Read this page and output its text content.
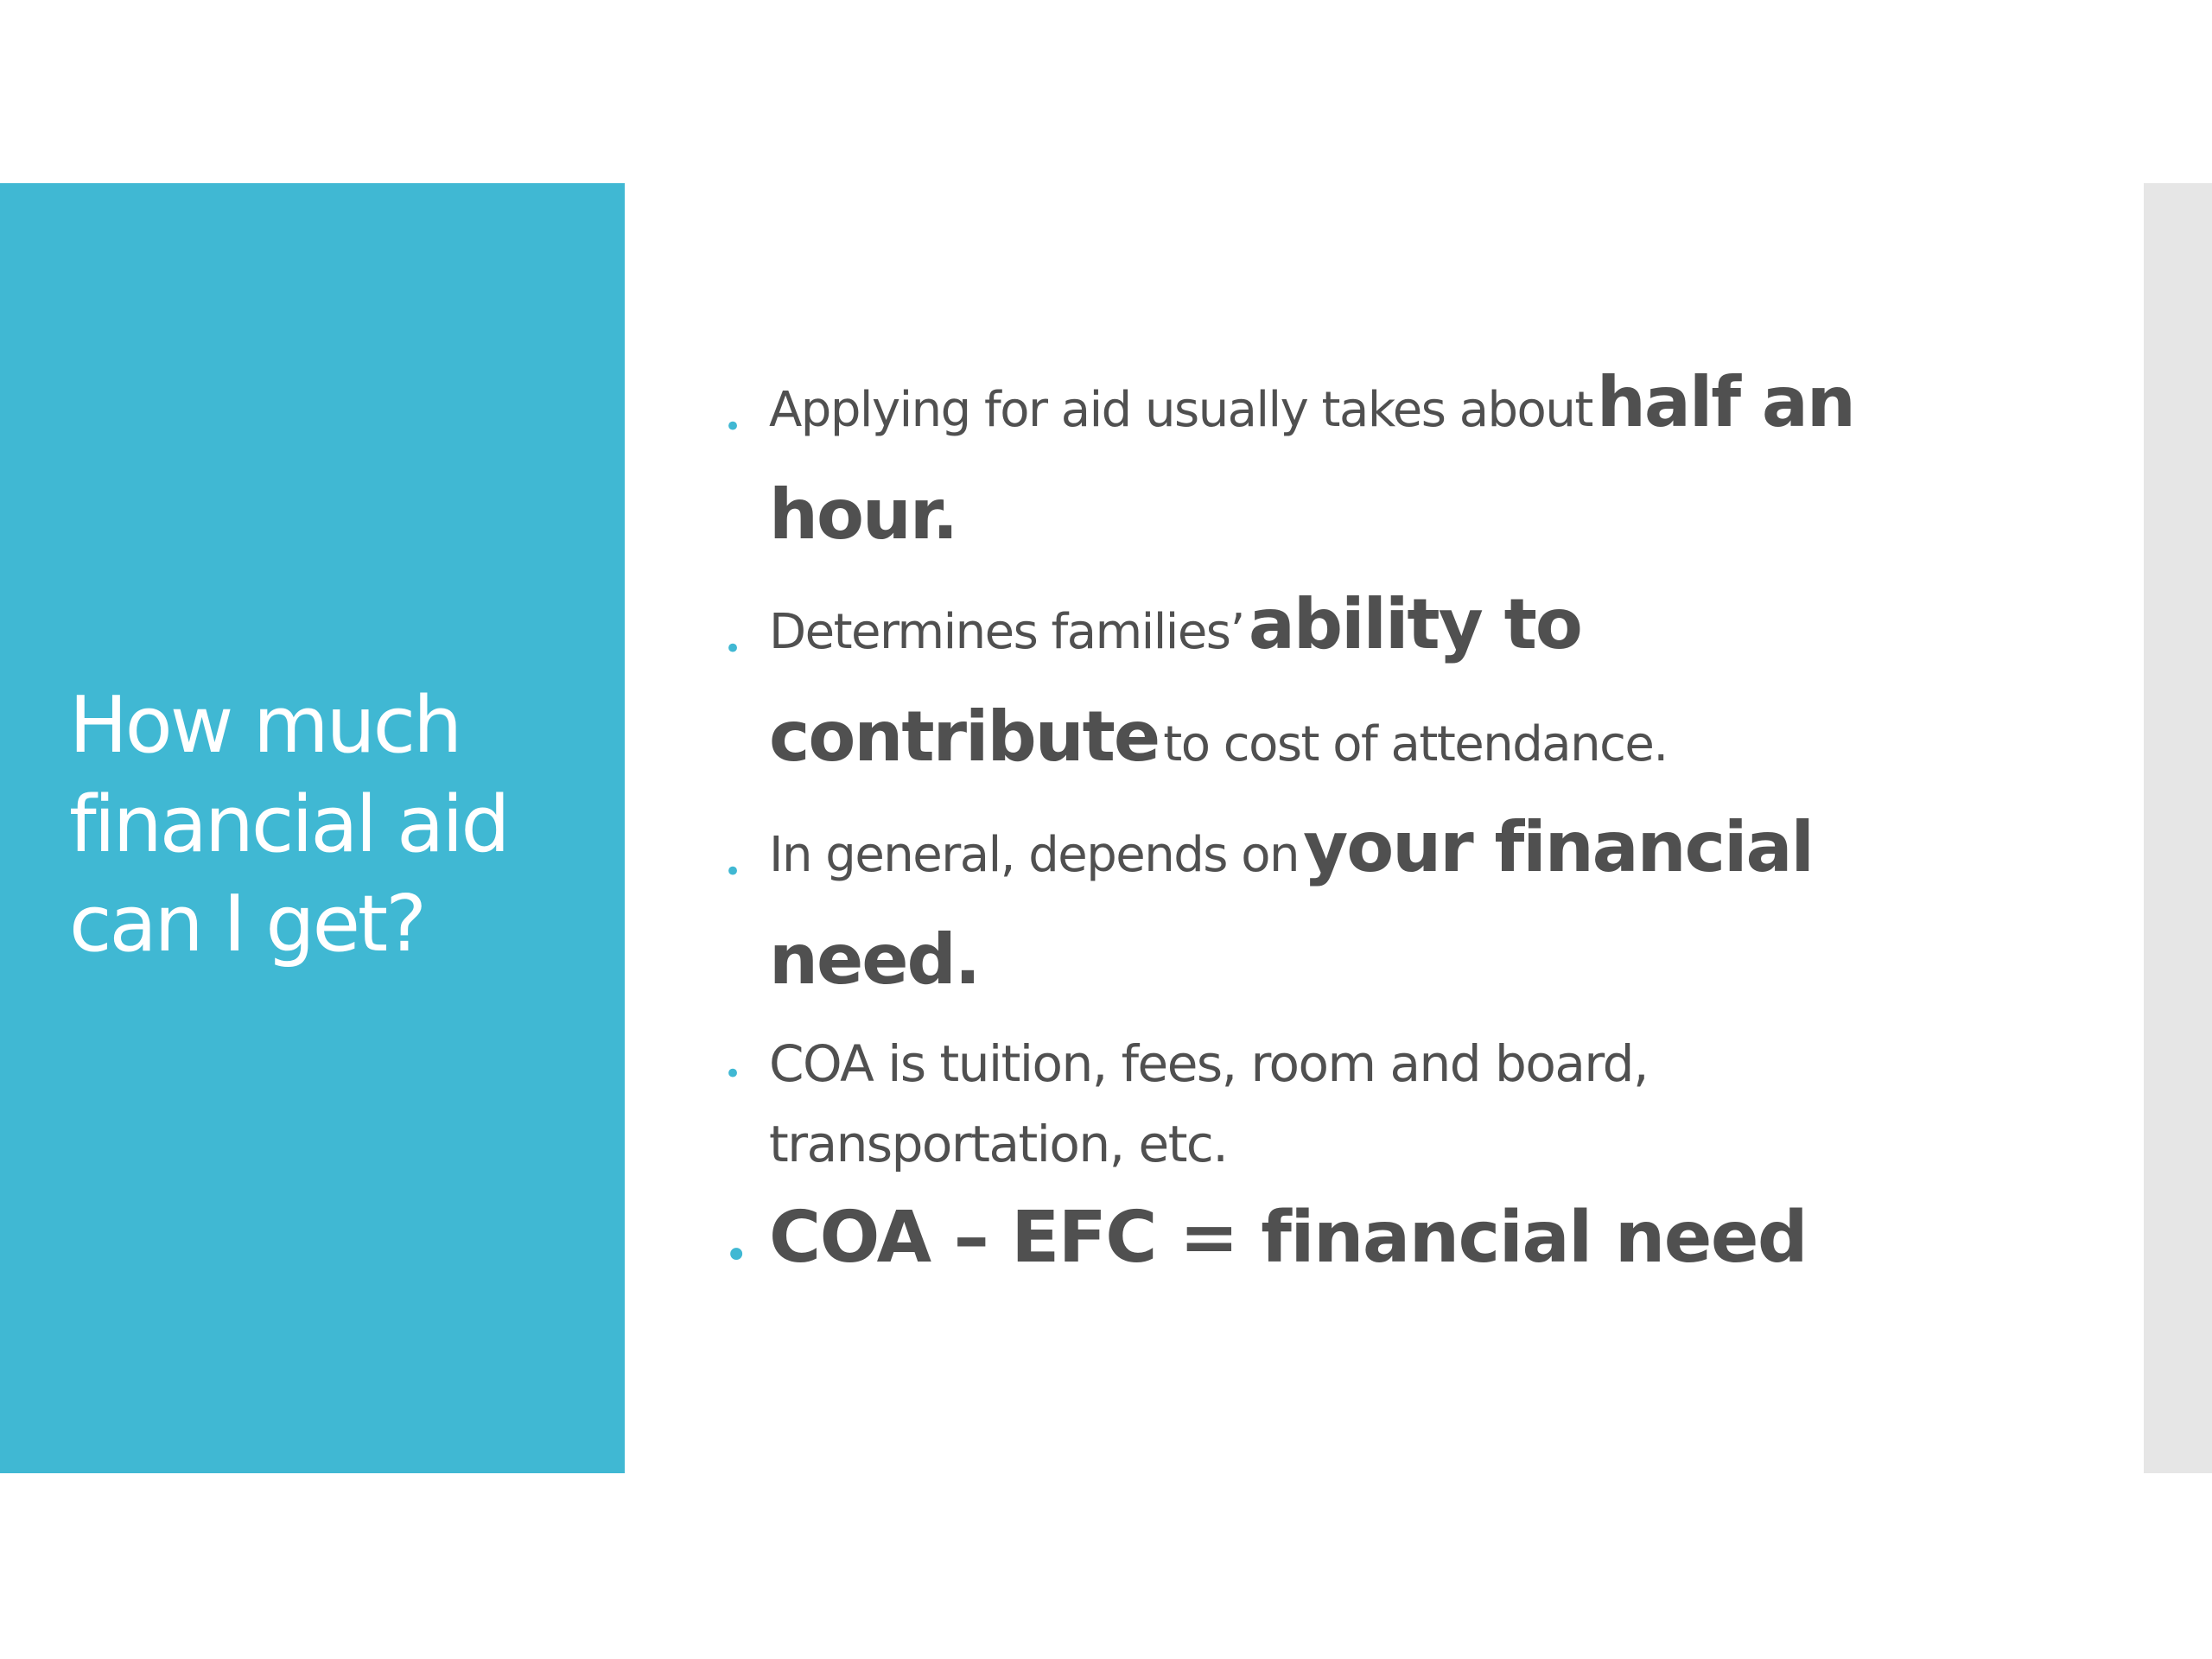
How much
financial aid
can I get?
• Applying for aid usually takes about half an
hour.
• Determines families’ ability to
contribute to cost of attendance.
• In general, depends on your financial
need.
• COA is tuition, fees, room and board,
transportation, etc.
• COA – EFC = financial need
